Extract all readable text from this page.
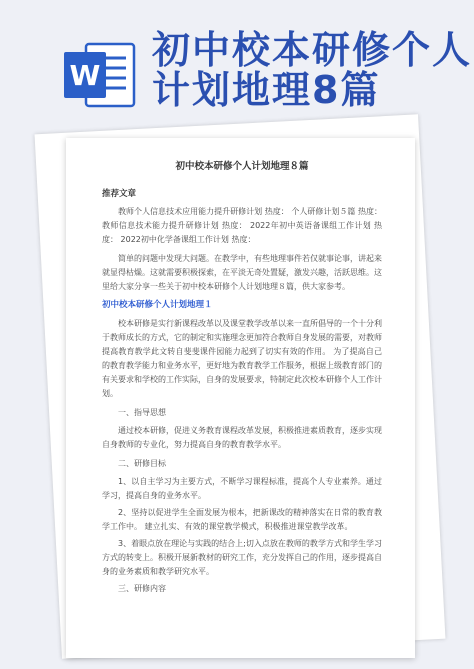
W
初中校本研修个人
计划地理8篇

初中校本研修个人计划地理８篇

推荐文章

教师个人信息技术应用能力提升研修计划 热度： 个人研修计划５篇 热度： 教师信息技术能力提升研修计划 热度： 2022年初中英语备课组工作计划 热度： 2022初中化学备课组工作计划 热度：

简单的问题中发现大问题。在教学中，有些地理事件若仅就事论事，讲起来就显得枯燥。这就需要积极探索，在平淡无奇处置疑，激发兴趣，活跃思维。这里给大家分享一些关于初中校本研修个人计划地理８篇，供大家参考。

初中校本研修个人计划地理１

校本研修是实行新课程改革以及课堂教学改革以来一直所倡导的一个十分利于教师成长的方式，它的制定和实施理念更加符合教师自身发展的需要，对教师提高教育教学此文转自斐斐课件园能力起到了切实有效的作用。 为了提高自己的教育教学能力和业务水平，更好地为教育教学工作服务，根据上级教育部门的有关要求和学校的工作实际，自身的发展要求，特制定此次校本研修个人工作计划。

一、指导思想

通过校本研修，促进义务教育课程改革发展，积极推进素质教育，逐步实现自身教师的专业化，努力提高自身的教育教学水平。

二、研修目标

1、以自主学习为主要方式，不断学习课程标准，提高个人专业素养。通过学习，提高自身的业务水平。

2、坚持以促进学生全面发展为根本，把新课改的精神落实在日常的教育教学工作中。 建立扎实、有效的课堂教学模式，积极推进课堂教学改革。

3、着眼点放在理论与实践的结合上;切入点放在教师的教学方式和学生学习方式的转变上。积极开展新教材的研究工作，充分发挥自己的作用，逐步提高自身的业务素质和教学研究水平。

三、研修内容
